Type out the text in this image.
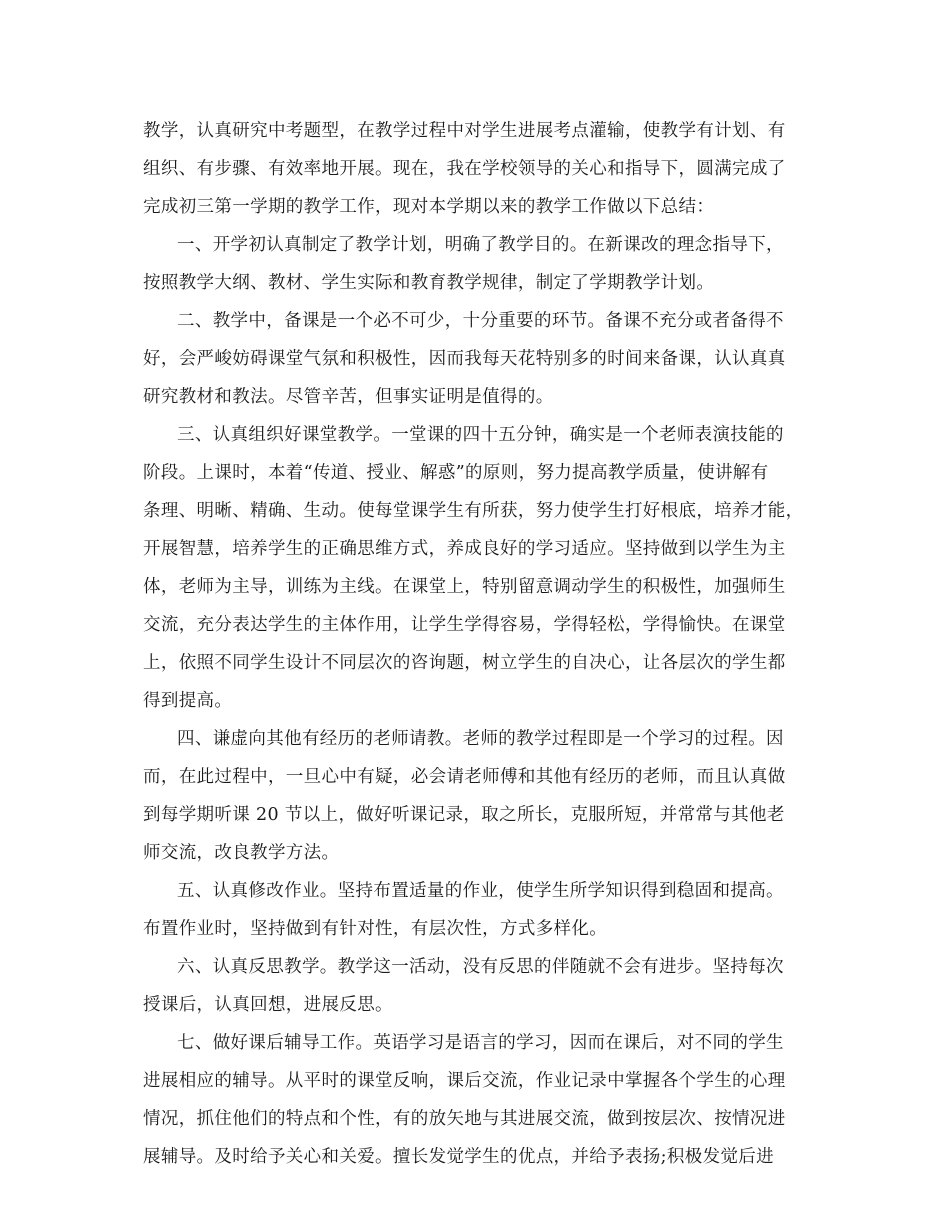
教学，认真研究中考题型，在教学过程中对学生进展考点灌输，使教学有计划、有
组织、有步骤、有效率地开展。现在，我在学校领导的关心和指导下，圆满完成了
完成初三第一学期的教学工作，现对本学期以来的教学工作做以下总结：
一、开学初认真制定了教学计划，明确了教学目的。在新课改的理念指导下，
按照教学大纲、教材、学生实际和教育教学规律，制定了学期教学计划。
二、教学中，备课是一个必不可少，十分重要的环节。备课不充分或者备得不
好，会严峻妨碍课堂气氛和积极性，因而我每天花特别多的时间来备课，认认真真
研究教材和教法。尽管辛苦，但事实证明是值得的。
三、认真组织好课堂教学。一堂课的四十五分钟，确实是一个老师表演技能的
阶段。上课时，本着“传道、授业、解惑”的原则，努力提高教学质量，使讲解有
条理、明晰、精确、生动。使每堂课学生有所获，努力使学生打好根底，培养才能，
开展智慧，培养学生的正确思维方式，养成良好的学习适应。坚持做到以学生为主
体，老师为主导，训练为主线。在课堂上，特别留意调动学生的积极性，加强师生
交流，充分表达学生的主体作用，让学生学得容易，学得轻松，学得愉快。在课堂
上，依照不同学生设计不同层次的咨询题，树立学生的自决心，让各层次的学生都
得到提高。
四、谦虚向其他有经历的老师请教。老师的教学过程即是一个学习的过程。因
而，在此过程中，一旦心中有疑，必会请老师傅和其他有经历的老师，而且认真做
到每学期听课 20 节以上，做好听课记录，取之所长，克服所短，并常常与其他老
师交流，改良教学方法。
五、认真修改作业。坚持布置适量的作业，使学生所学知识得到稳固和提高。
布置作业时，坚持做到有针对性，有层次性，方式多样化。
六、认真反思教学。教学这一活动，没有反思的伴随就不会有进步。坚持每次
授课后，认真回想，进展反思。
七、做好课后辅导工作。英语学习是语言的学习，因而在课后，对不同的学生
进展相应的辅导。从平时的课堂反响，课后交流，作业记录中掌握各个学生的心理
情况，抓住他们的特点和个性，有的放矢地与其进展交流，做到按层次、按情况进
展辅导。及时给予关心和关爱。擅长发觉学生的优点，并给予表扬;积极发觉后进
